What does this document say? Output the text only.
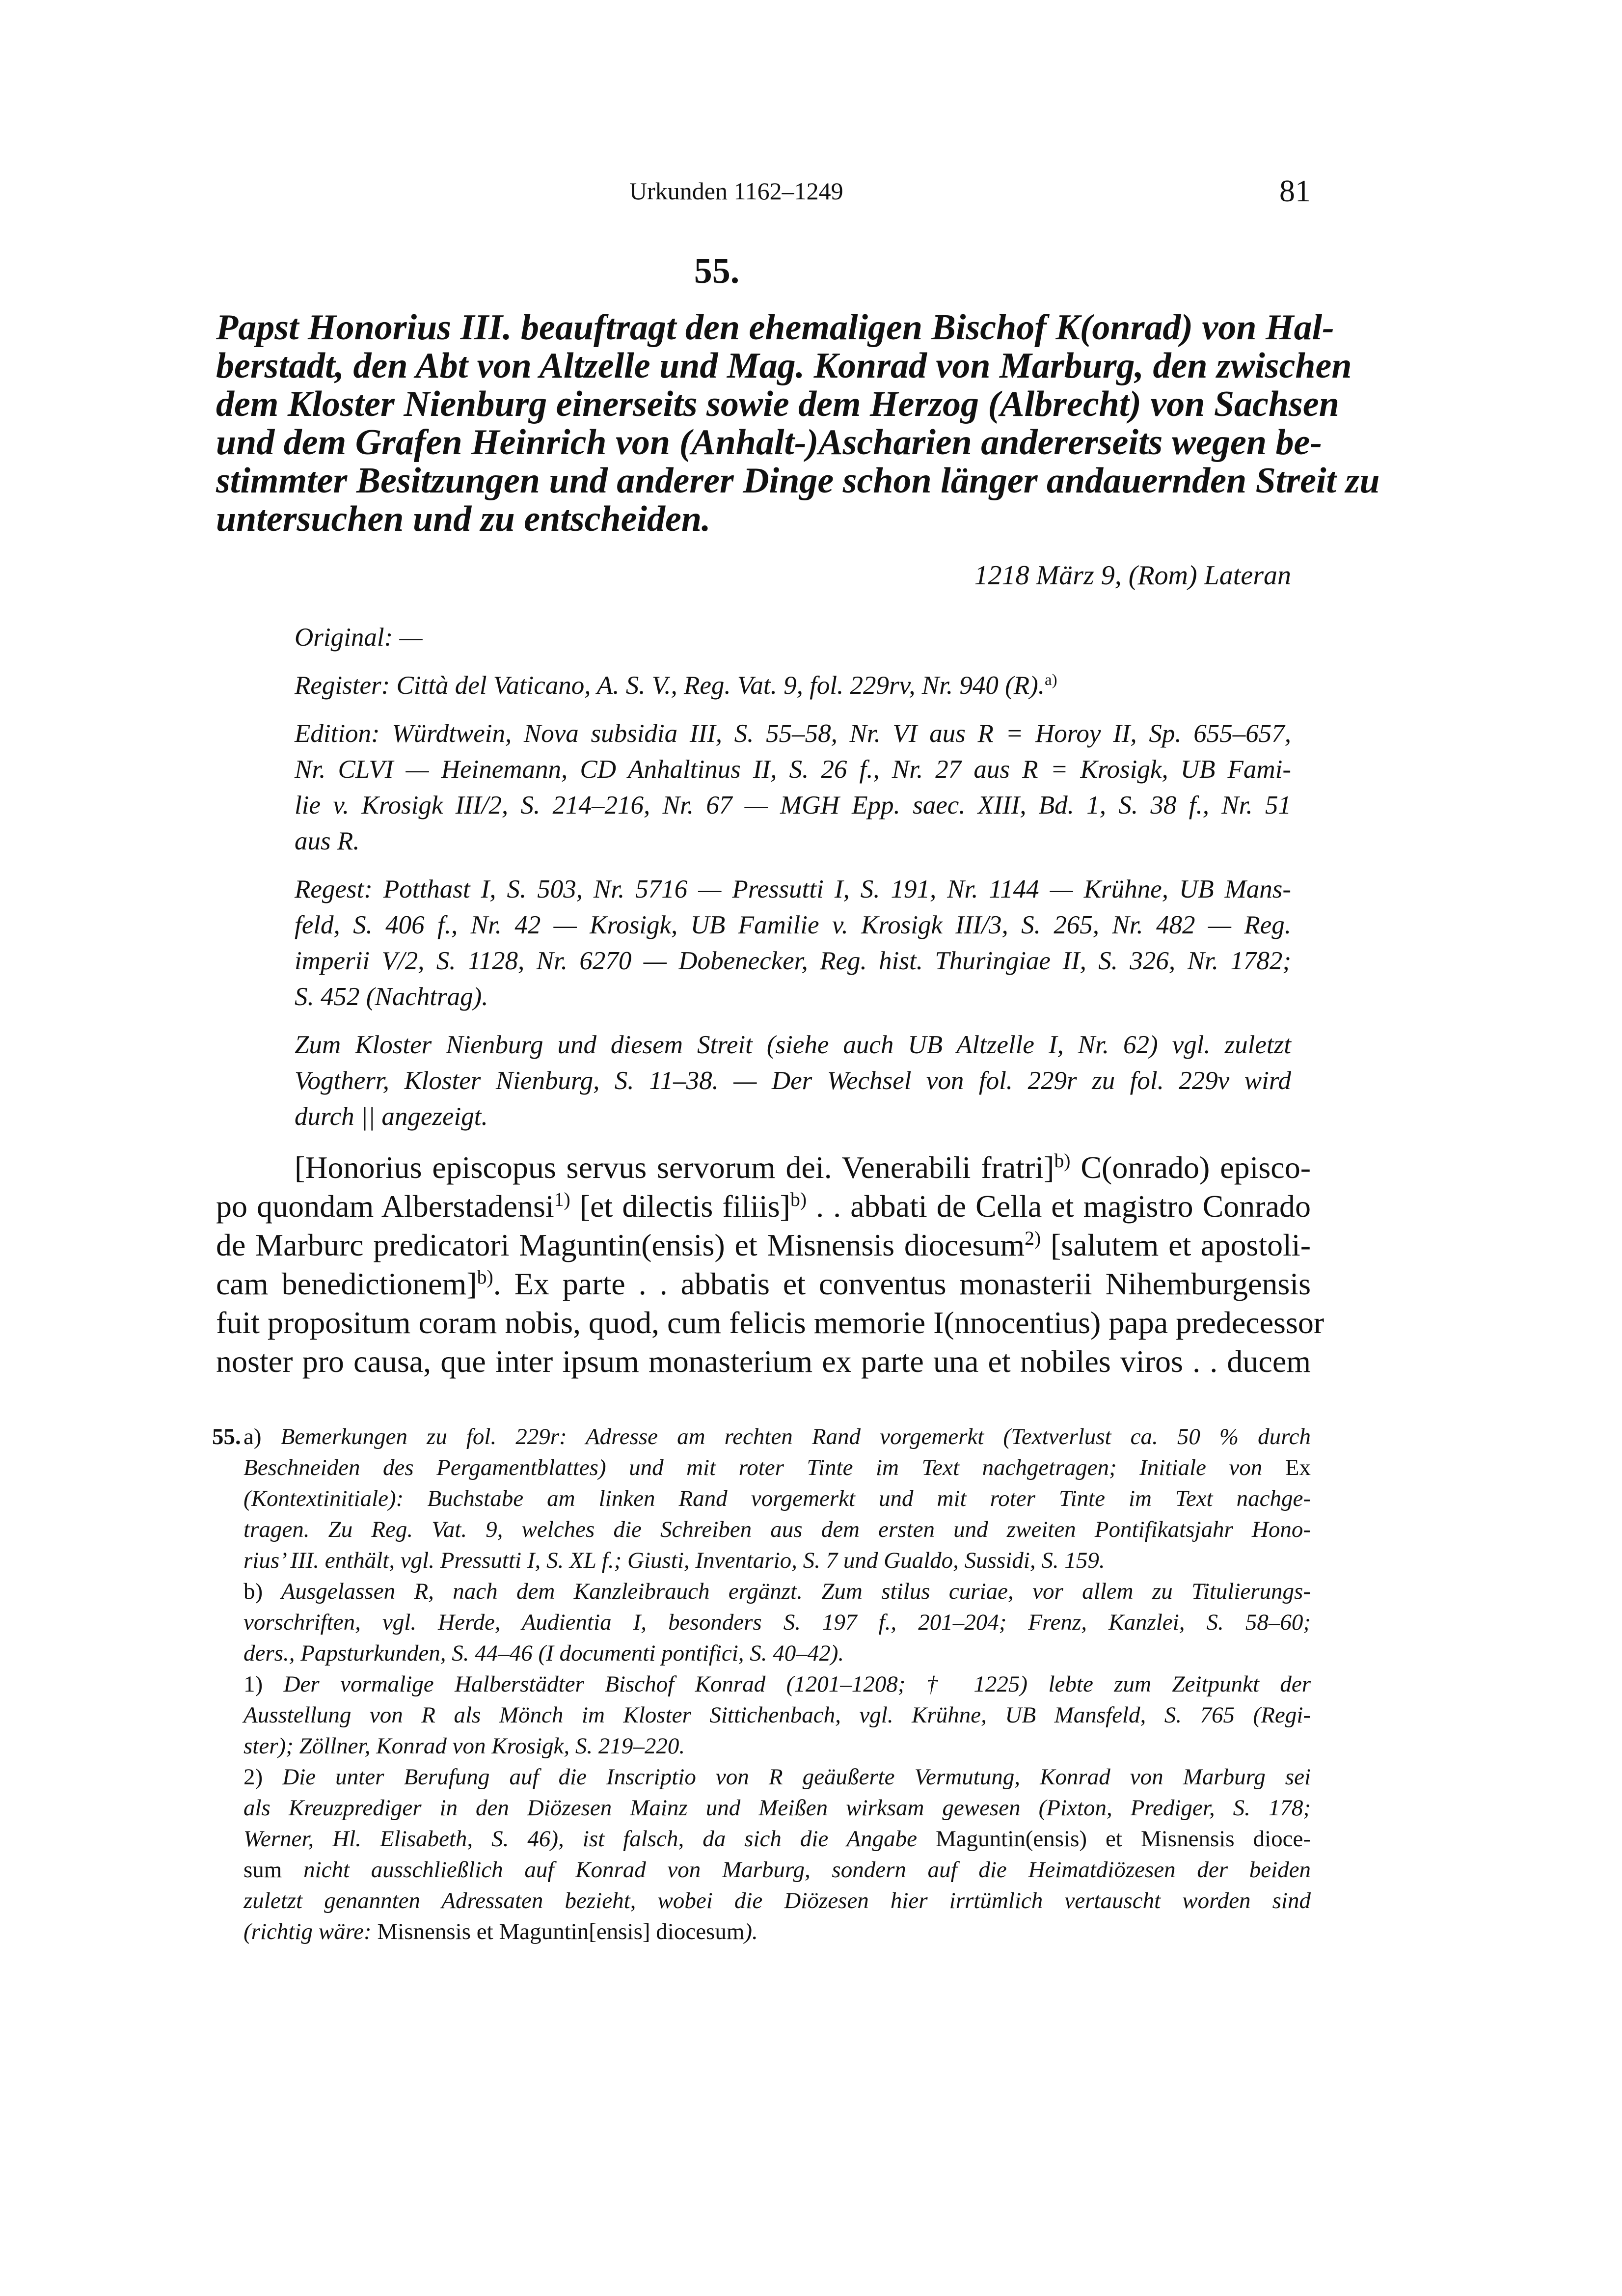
Urkunden 1162–1249	81
55.
Papst Honorius III. beauftragt den ehemaligen Bischof K(onrad) von Hal-
berstadt, den Abt von Altzelle und Mag. Konrad von Marburg, den zwischen
dem Kloster Nienburg einerseits sowie dem Herzog (Albrecht) von Sachsen
und dem Grafen Heinrich von (Anhalt-)Ascharien andererseits wegen be-
stimmter Besitzungen und anderer Dinge schon länger andauernden Streit zu
untersuchen und zu entscheiden.
1218 März 9, (Rom) Lateran

Original: —

Register: Città del Vaticano, A. S. V., Reg. Vat. 9, fol. 229rv, Nr. 940 (R).$^{a)}$

Edition: Würdtwein, Nova subsidia III, S. 55–58, Nr. VI aus R = Horoy II, Sp. 655–657,
Nr. CLVI — Heinemann, CD Anhaltinus II, S. 26 f., Nr. 27 aus R = Krosigk, UB Fami-
lie v. Krosigk III/2, S. 214–216, Nr. 67 — MGH Epp. saec. XIII, Bd. 1, S. 38 f., Nr. 51
aus R.

Regest: Potthast I, S. 503, Nr. 5716 — Pressutti I, S. 191, Nr. 1144 — Krühne, UB Mans-
feld, S. 406 f., Nr. 42 — Krosigk, UB Familie v. Krosigk III/3, S. 265, Nr. 482 — Reg.
imperii V/2, S. 1128, Nr. 6270 — Dobenecker, Reg. hist. Thuringiae II, S. 326, Nr. 1782;
S. 452 (Nachtrag).

Zum Kloster Nienburg und diesem Streit (siehe auch UB Altzelle I, Nr. 62) vgl. zuletzt
Vogtherr, Kloster Nienburg, S. 11–38. — Der Wechsel von fol. 229r zu fol. 229v wird
durch || angezeigt.

[Honorius episcopus servus servorum dei. Venerabili fratri]$^{b)}$ C(onrado) episco-
po quondam Alberstadensi$^{1)}$ [et dilectis filiis]$^{b)}$ . . abbati de Cella et magistro Conrado
de Marburc predicatori Maguntin(ensis) et Misnensis diocesum$^{2)}$ [salutem et apostoli-
cam benedictionem]$^{b)}$. Ex parte . . abbatis et conventus monasterii Nihemburgensis
fuit propositum coram nobis, quod, cum felicis memorie I(nnocentius) papa predecessor
noster pro causa, que inter ipsum monasterium ex parte una et nobiles viros . . ducem
55. a) Bemerkungen zu fol. 229r: Adresse am rechten Rand vorgemerkt (Textverlust ca. 50 % durch
Beschneiden des Pergamentblattes) und mit roter Tinte im Text nachgetragen; Initiale von Ex
(Kontextinitiale): Buchstabe am linken Rand vorgemerkt und mit roter Tinte im Text nachge-
tragen. Zu Reg. Vat. 9, welches die Schreiben aus dem ersten und zweiten Pontifikatsjahr Hono-
rius’ III. enthält, vgl. Pressutti I, S. XL f.; Giusti, Inventario, S. 7 und Gualdo, Sussidi, S. 159.
b) Ausgelassen R, nach dem Kanzleibrauch ergänzt. Zum stilus curiae, vor allem zu Titulierungs-
vorschriften, vgl. Herde, Audientia I, besonders S. 197 f., 201–204; Frenz, Kanzlei, S. 58–60;
ders., Papsturkunden, S. 44–46 (I documenti pontifici, S. 40–42).
1) Der vormalige Halberstädter Bischof Konrad (1201–1208; † 1225) lebte zum Zeitpunkt der
Ausstellung von R als Mönch im Kloster Sittichenbach, vgl. Krühne, UB Mansfeld, S. 765 (Regi-
ster); Zöllner, Konrad von Krosigk, S. 219–220.
2) Die unter Berufung auf die Inscriptio von R geäußerte Vermutung, Konrad von Marburg sei
als Kreuzprediger in den Diözesen Mainz und Meißen wirksam gewesen (Pixton, Prediger, S. 178;
Werner, Hl. Elisabeth, S. 46), ist falsch, da sich die Angabe Maguntin(ensis) et Misnensis dioce-
sum nicht ausschließlich auf Konrad von Marburg, sondern auf die Heimatdiözesen der beiden
zuletzt genannten Adressaten bezieht, wobei die Diözesen hier irrtümlich vertauscht worden sind
(richtig wäre: Misnensis et Maguntin[ensis] diocesum).
